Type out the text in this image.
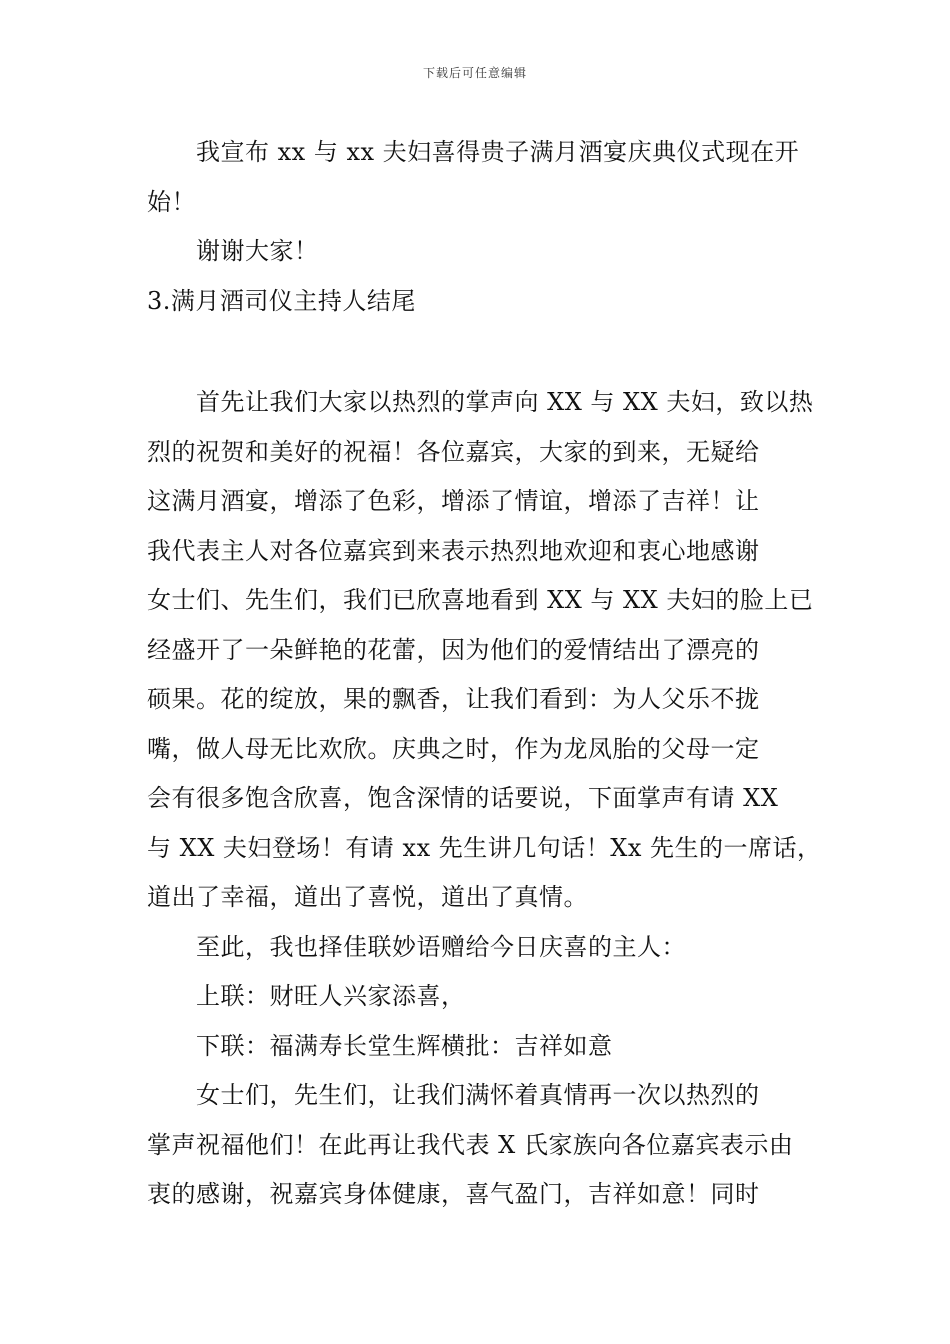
下载后可任意编辑
我宣布 xx 与 xx 夫妇喜得贵子满月酒宴庆典仪式现在开
始！
谢谢大家！
3.满月酒司仪主持人结尾
首先让我们大家以热烈的掌声向 XX 与 XX 夫妇，致以热
烈的祝贺和美好的祝福！各位嘉宾，大家的到来，无疑给
这满月酒宴，增添了色彩，增添了情谊，增添了吉祥！让
我代表主人对各位嘉宾到来表示热烈地欢迎和衷心地感谢
女士们、先生们，我们已欣喜地看到 XX 与 XX 夫妇的脸上已
经盛开了一朵鲜艳的花蕾，因为他们的爱情结出了漂亮的
硕果。花的绽放，果的飘香，让我们看到：为人父乐不拢
嘴，做人母无比欢欣。庆典之时，作为龙凤胎的父母一定
会有很多饱含欣喜，饱含深情的话要说，下面掌声有请 XX
与 XX 夫妇登场！有请 xx 先生讲几句话！Xx 先生的一席话，
道出了幸福，道出了喜悦，道出了真情。
至此，我也择佳联妙语赠给今日庆喜的主人：
上联：财旺人兴家添喜，
下联：福满寿长堂生辉横批：吉祥如意
女士们，先生们，让我们满怀着真情再一次以热烈的
掌声祝福他们！在此再让我代表 X 氏家族向各位嘉宾表示由
衷的感谢，祝嘉宾身体健康，喜气盈门，吉祥如意！同时
